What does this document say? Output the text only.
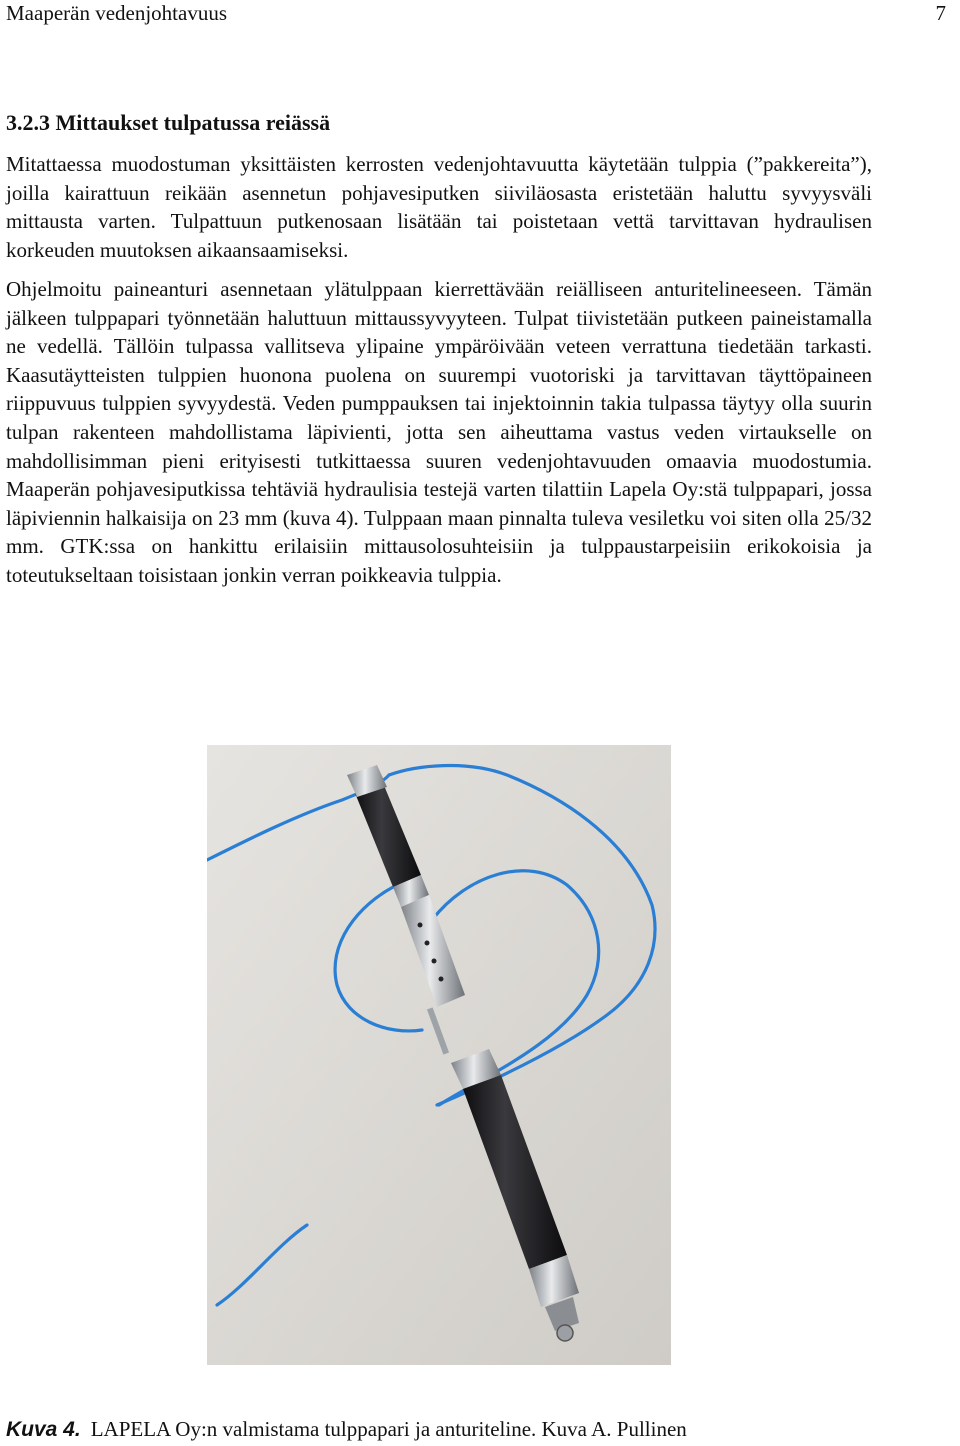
Maaperän vedenjohtavuus	7
3.2.3 Mittaukset tulpatussa reiässä

Mitattaessa muodostuman yksittäisten kerrosten vedenjohtavuutta käytetään tulppia (”pakkereita”), joilla kairattuun reikään asennetun pohjavesiputken siiviläosasta eristetään haluttu syvyysväli mittausta varten. Tulpattuun putkenosaan lisätään tai poistetaan vettä tarvittavan hydraulisen korkeuden muutoksen aikaansaamiseksi.

Ohjelmoitu paineanturi asennetaan ylätulppaan kierrettävään reiälliseen anturitelineeseen. Tämän jälkeen tulppapari työnnetään haluttuun mittaussyvyyteen. Tulpat tiivistetään putkeen paineistamalla ne vedellä. Tällöin tulpassa vallitseva ylipaine ympäröivään veteen verrattuna tiedetään tarkasti. Kaasutäytteisten tulppien huonona puolena on suurempi vuotoriski ja tarvittavan täyttöpaineen riippuvuus tulppien syvyydestä. Veden pumppauksen tai injektoinnin takia tulpassa täytyy olla suurin tulpan rakenteen mahdollistama läpivienti, jotta sen aiheuttama vastus veden virtaukselle on mahdollisimman pieni erityisesti tutkittaessa suuren vedenjohtavuuden omaavia muodostumia. Maaperän pohjavesiputkissa tehtäviä hydraulisia testejä varten tilattiin Lapela Oy:stä tulppapari, jossa läpiviennin halkaisija on 23 mm (kuva 4). Tulppaan maan pinnalta tuleva vesiletku voi siten olla 25/32 mm. GTK:ssa on hankittu erilaisiin mittausolosuhteisiin ja tulppaustarpeisiin erikokoisia ja toteutukseltaan toisistaan jonkin verran poikkeavia tulppia.

Kuva 4. LAPELA Oy:n valmistama tulppapari ja anturiteline. Kuva A. Pullinen
